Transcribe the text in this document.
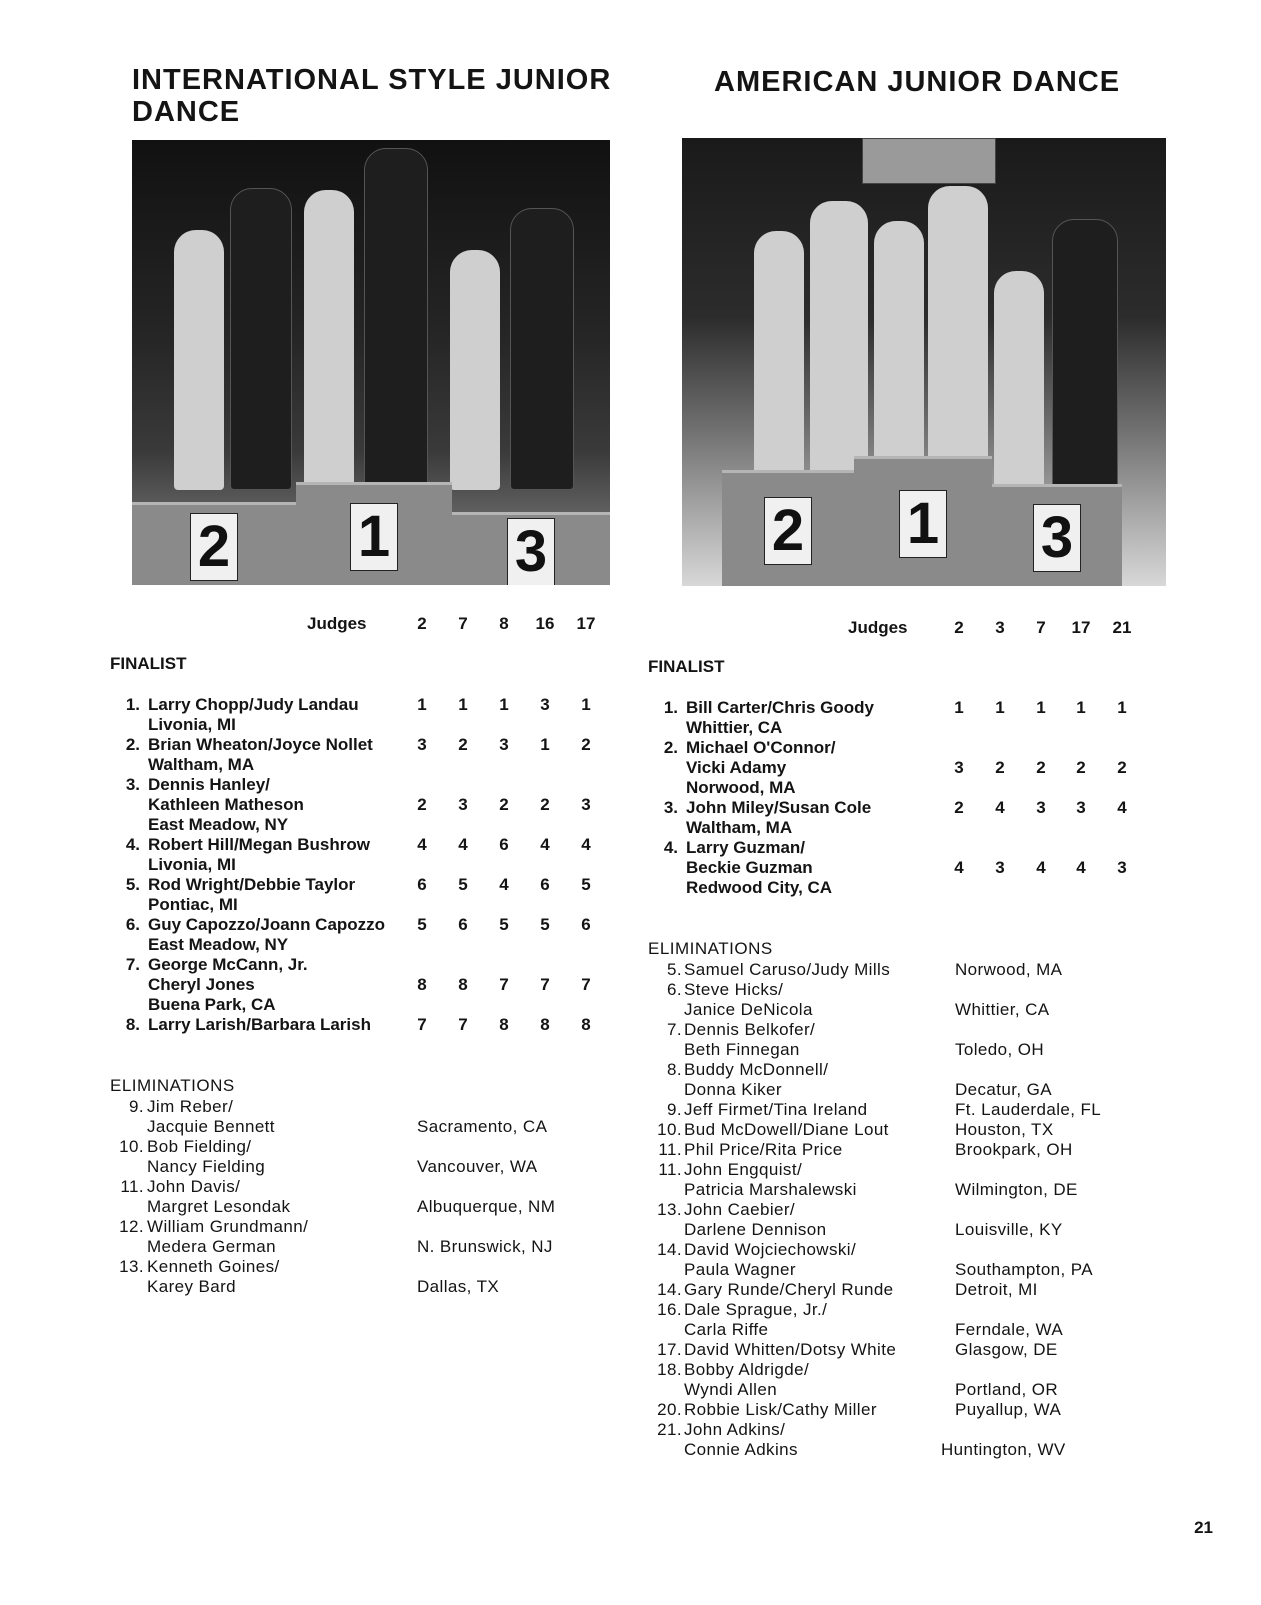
INTERNATIONAL STYLE JUNIOR DANCE
2 1 3
Judges	2	7	8	16	17
FINALIST
1. Larry Chopp/Judy Landau
Livonia, MI
1	1	1	3	1
2. Brian Wheaton/Joyce Nollet
Waltham, MA
3	2	3	1	2
3. Dennis Hanley/
Kathleen Matheson
East Meadow, NY
2	3	2	2	3
4. Robert Hill/Megan Bushrow
Livonia, MI
4	4	6	4	4
5. Rod Wright/Debbie Taylor
Pontiac, MI
6	5	4	6	5
6. Guy Capozzo/Joann Capozzo
East Meadow, NY
5	6	5	5	6
7. George McCann, Jr.
Cheryl Jones
Buena Park, CA
8	8	7	7	7
8. Larry Larish/Barbara Larish	7	7	8	8	8
ELIMINATIONS
9. Jim Reber/
Jacquie Bennett	Sacramento, CA
10. Bob Fielding/
Nancy Fielding	Vancouver, WA
11. John Davis/
Margret Lesondak	Albuquerque, NM
12. William Grundmann/
Medera German	N. Brunswick, NJ
13. Kenneth Goines/
Karey Bard	Dallas, TX
AMERICAN JUNIOR DANCE
2 1 3
Judges	2	3	7	17	21
FINALIST
1. Bill Carter/Chris Goody
Whittier, CA
1	1	1	1	1
2. Michael O'Connor/
Vicki Adamy
Norwood, MA
3	2	2	2	2
3. John Miley/Susan Cole
Waltham, MA
2	4	3	3	4
4. Larry Guzman/
Beckie Guzman
Redwood City, CA
4	3	4	4	3
ELIMINATIONS
5. Samuel Caruso/Judy Mills	Norwood, MA
6. Steve Hicks/
Janice DeNicola	Whittier, CA
7. Dennis Belkofer/
Beth Finnegan	Toledo, OH
8. Buddy McDonnell/
Donna Kiker	Decatur, GA
9. Jeff Firmet/Tina Ireland	Ft. Lauderdale, FL
10. Bud McDowell/Diane Lout	Houston, TX
11. Phil Price/Rita Price	Brookpark, OH
11. John Engquist/
Patricia Marshalewski	Wilmington, DE
13. John Caebier/
Darlene Dennison	Louisville, KY
14. David Wojciechowski/
Paula Wagner	Southampton, PA
14. Gary Runde/Cheryl Runde	Detroit, MI
16. Dale Sprague, Jr./
Carla Riffe	Ferndale, WA
17. David Whitten/Dotsy White	Glasgow, DE
18. Bobby Aldrigde/
Wyndi Allen	Portland, OR
20. Robbie Lisk/Cathy Miller	Puyallup, WA
21. John Adkins/
Connie Adkins	Huntington, WV
21
